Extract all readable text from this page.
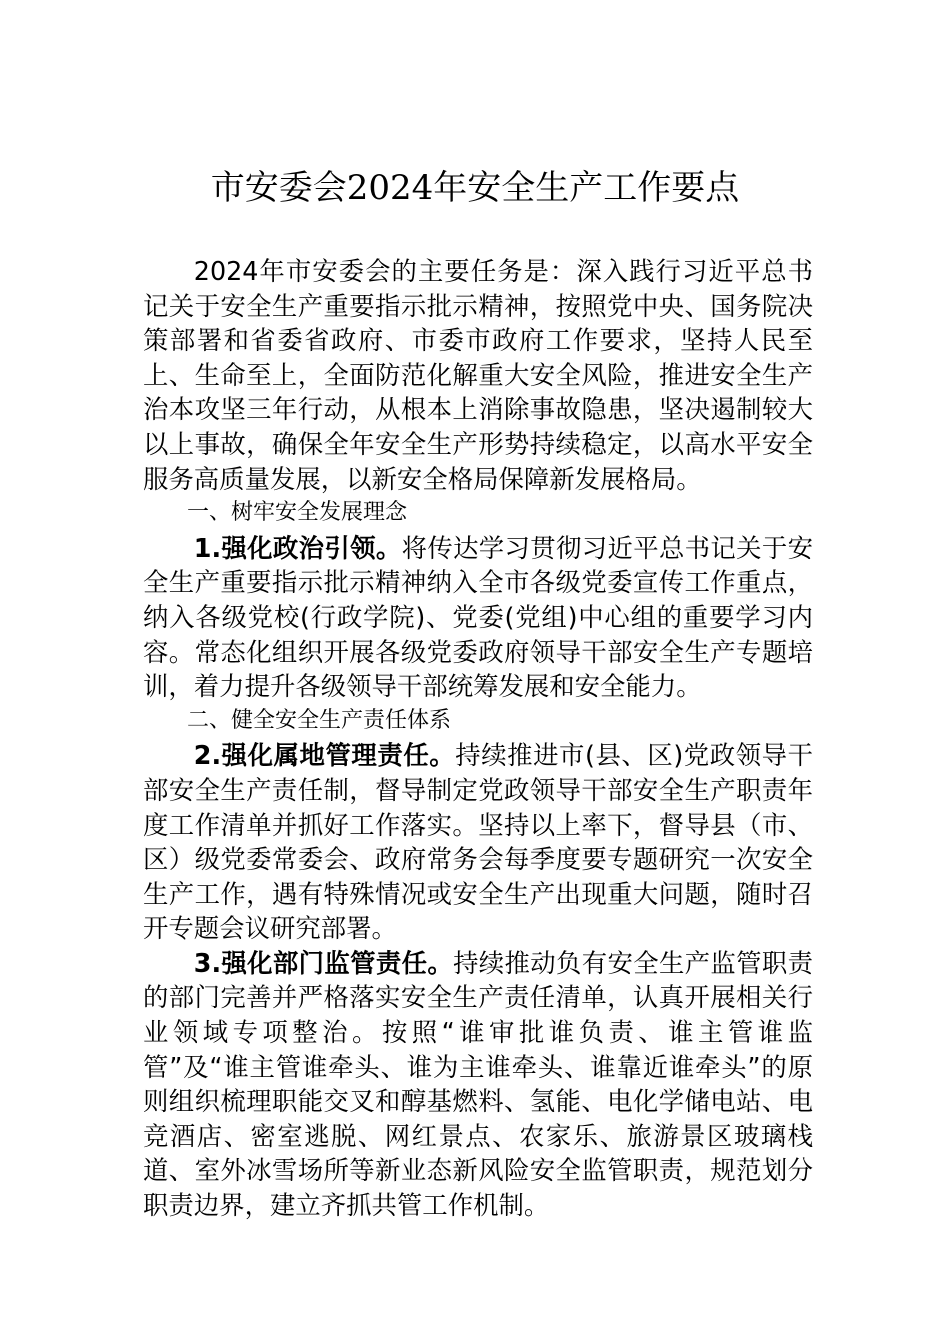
市安委会2024年安全生产工作要点

2024年市安委会的主要任务是：深入践行习近平总书记关于安全生产重要指示批示精神，按照党中央、国务院决策部署和省委省政府、市委市政府工作要求，坚持人民至上、生命至上，全面防范化解重大安全风险，推进安全生产治本攻坚三年行动，从根本上消除事故隐患，坚决遏制较大以上事故，确保全年安全生产形势持续稳定，以高水平安全服务高质量发展，以新安全格局保障新发展格局。

一、树牢安全发展理念

1.强化政治引领。将传达学习贯彻习近平总书记关于安全生产重要指示批示精神纳入全市各级党委宣传工作重点，纳入各级党校(行政学院)、党委(党组)中心组的重要学习内容。常态化组织开展各级党委政府领导干部安全生产专题培训，着力提升各级领导干部统筹发展和安全能力。

二、健全安全生产责任体系

2.强化属地管理责任。持续推进市(县、区)党政领导干部安全生产责任制，督导制定党政领导干部安全生产职责年度工作清单并抓好工作落实。坚持以上率下，督导县（市、区）级党委常委会、政府常务会每季度要专题研究一次安全生产工作，遇有特殊情况或安全生产出现重大问题，随时召开专题会议研究部署。

3.强化部门监管责任。持续推动负有安全生产监管职责的部门完善并严格落实安全生产责任清单，认真开展相关行业领域专项整治。按照“谁审批谁负责、谁主管谁监管”及“谁主管谁牵头、谁为主谁牵头、谁靠近谁牵头”的原则组织梳理职能交叉和醇基燃料、氢能、电化学储电站、电竞酒店、密室逃脱、网红景点、农家乐、旅游景区玻璃栈道、室外冰雪场所等新业态新风险安全监管职责，规范划分职责边界，建立齐抓共管工作机制。
